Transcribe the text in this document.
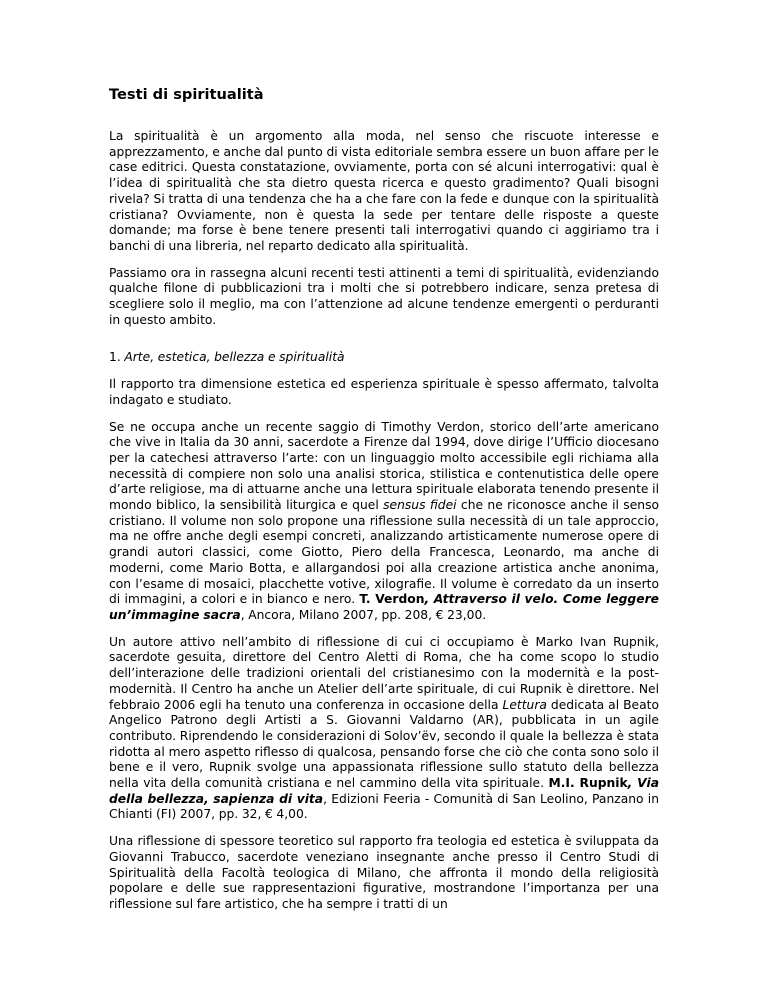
Testi di spiritualità

La spiritualità è un argomento alla moda, nel senso che riscuote interesse e apprezzamento, e anche dal punto di vista editoriale sembra essere un buon affare per le case editrici. Questa constatazione, ovviamente, porta con sé alcuni interrogativi: qual è l’idea di spiritualità che sta dietro questa ricerca e questo gradimento? Quali bisogni rivela? Si tratta di una tendenza che ha a che fare con la fede e dunque con la spiritualità cristiana? Ovviamente, non è questa la sede per tentare delle risposte a queste domande; ma forse è bene tenere presenti tali interrogativi quando ci aggiriamo tra i banchi di una libreria, nel reparto dedicato alla spiritualità.

Passiamo ora in rassegna alcuni recenti testi attinenti a temi di spiritualità, evidenziando qualche filone di pubblicazioni tra i molti che si potrebbero indicare, senza pretesa di scegliere solo il meglio, ma con l’attenzione ad alcune tendenze emergenti o perduranti in questo ambito.

1. Arte, estetica, bellezza e spiritualità

Il rapporto tra dimensione estetica ed esperienza spirituale è spesso affermato, talvolta indagato e studiato.

Se ne occupa anche un recente saggio di Timothy Verdon, storico dell’arte americano che vive in Italia da 30 anni, sacerdote a Firenze dal 1994, dove dirige l’Ufficio diocesano per la catechesi attraverso l’arte: con un linguaggio molto accessibile egli richiama alla necessità di compiere non solo una analisi storica, stilistica e contenutistica delle opere d’arte religiose, ma di attuarne anche una lettura spirituale elaborata tenendo presente il mondo biblico, la sensibilità liturgica e quel sensus fidei che ne riconosce anche il senso cristiano. Il volume non solo propone una riflessione sulla necessità di un tale approccio, ma ne offre anche degli esempi concreti, analizzando artisticamente numerose opere di grandi autori classici, come Giotto, Piero della Francesca, Leonardo, ma anche di moderni, come Mario Botta, e allargandosi poi alla creazione artistica anche anonima, con l’esame di mosaici, placchette votive, xilografie. Il volume è corredato da un inserto di immagini, a colori e in bianco e nero. T. Verdon, Attraverso il velo. Come leggere un’immagine sacra, Ancora, Milano 2007, pp. 208, € 23,00.

Un autore attivo nell’ambito di riflessione di cui ci occupiamo è Marko Ivan Rupnik, sacerdote gesuita, direttore del Centro Aletti di Roma, che ha come scopo lo studio dell’interazione delle tradizioni orientali del cristianesimo con la modernità e la post-modernità. Il Centro ha anche un Atelier dell’arte spirituale, di cui Rupnik è direttore. Nel febbraio 2006 egli ha tenuto una conferenza in occasione della Lettura dedicata al Beato Angelico Patrono degli Artisti a S. Giovanni Valdarno (AR), pubblicata in un agile contributo. Riprendendo le considerazioni di Solov’ëv, secondo il quale la bellezza è stata ridotta al mero aspetto riflesso di qualcosa, pensando forse che ciò che conta sono solo il bene e il vero, Rupnik svolge una appassionata riflessione sullo statuto della bellezza nella vita della comunità cristiana e nel cammino della vita spirituale. M.I. Rupnik, Via della bellezza, sapienza di vita, Edizioni Feeria - Comunità di San Leolino, Panzano in Chianti (FI) 2007, pp. 32, € 4,00.

Una riflessione di spessore teoretico sul rapporto fra teologia ed estetica è sviluppata da Giovanni Trabucco, sacerdote veneziano insegnante anche presso il Centro Studi di Spiritualità della Facoltà teologica di Milano, che affronta il mondo della religiosità popolare e delle sue rappresentazioni figurative, mostrandone l’importanza per una riflessione sul fare artistico, che ha sempre i tratti di un
